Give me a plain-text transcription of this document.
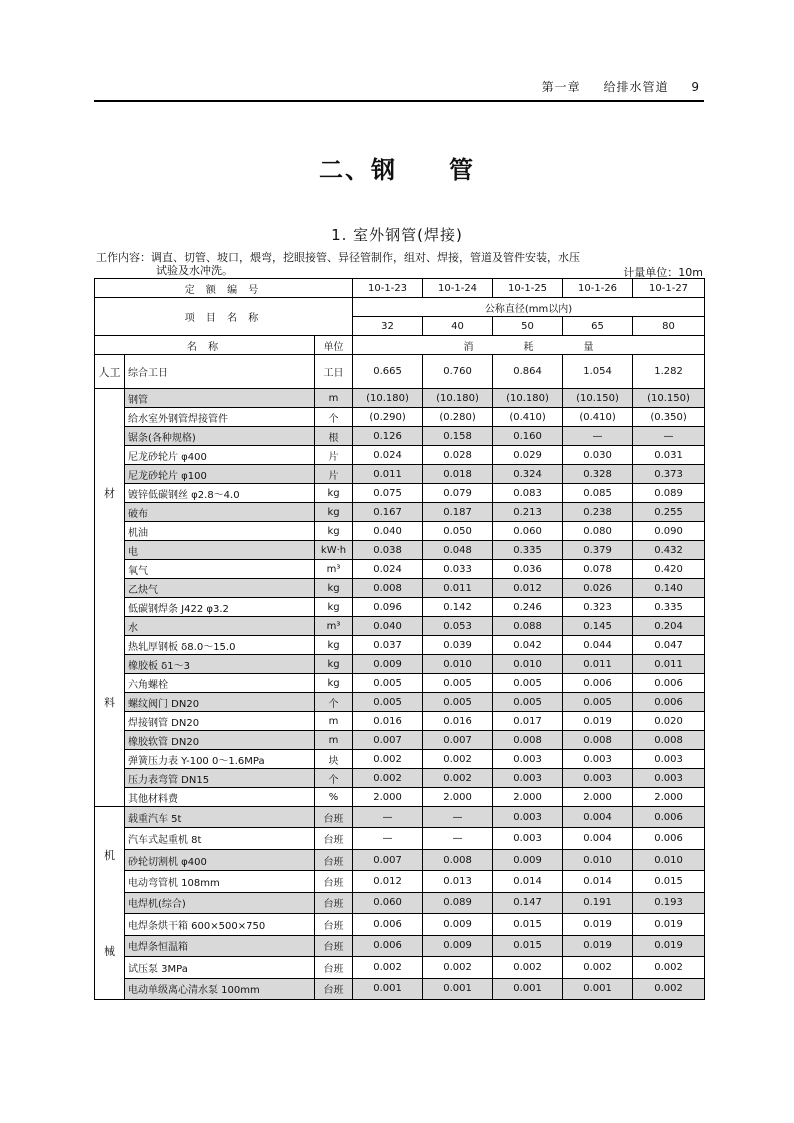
第一章 给排水管道 9
二、钢 管
1. 室外钢管(焊接)
工作内容：调直、切管、坡口，煨弯，挖眼接管、异径管制作，组对、焊接，管道及管件安装，水压
试验及水冲洗。	计量单位：10m
定 额 编 号			10-1-23	10-1-24	10-1-25	10-1-26	10-1-27
项 目 名 称			公称直径(mm以内)				
			32	40	50	65	80
名 称		单位	消 耗 量				
人工	综合工日	工日	0.665	0.760	0.864	1.054	1.282

材
料	钢管	m	(10.180)	(10.180)	(10.180)	(10.150)	(10.150)
	给水室外钢管焊接管件	个	(0.290)	(0.280)	(0.410)	(0.410)	(0.350)
	锯条(各种规格)	根	0.126	0.158	0.160	—	—
	尼龙砂轮片 φ400	片	0.024	0.028	0.029	0.030	0.031
	尼龙砂轮片 φ100	片	0.011	0.018	0.324	0.328	0.373
	镀锌低碳钢丝 φ2.8～4.0	kg	0.075	0.079	0.083	0.085	0.089
	破布	kg	0.167	0.187	0.213	0.238	0.255
	机油	kg	0.040	0.050	0.060	0.080	0.090
	电	kW·h	0.038	0.048	0.335	0.379	0.432
	氧气	m³	0.024	0.033	0.036	0.078	0.420
	乙炔气	kg	0.008	0.011	0.012	0.026	0.140
	低碳钢焊条 J422 φ3.2	kg	0.096	0.142	0.246	0.323	0.335
	水	m³	0.040	0.053	0.088	0.145	0.204
	热轧厚钢板 δ8.0～15.0	kg	0.037	0.039	0.042	0.044	0.047
	橡胶板 δ1～3	kg	0.009	0.010	0.010	0.011	0.011
	六角螺栓	kg	0.005	0.005	0.005	0.006	0.006
	螺纹阀门 DN20	个	0.005	0.005	0.005	0.005	0.006
	焊接钢管 DN20	m	0.016	0.016	0.017	0.019	0.020
	橡胶软管 DN20	m	0.007	0.007	0.008	0.008	0.008
	弹簧压力表 Y-100 0～1.6MPa	块	0.002	0.002	0.003	0.003	0.003
	压力表弯管 DN15	个	0.002	0.002	0.003	0.003	0.003
	其他材料费	%	2.000	2.000	2.000	2.000	2.000

机
械	载重汽车 5t	台班	—	—	0.003	0.004	0.006
	汽车式起重机 8t	台班	—	—	0.003	0.004	0.006
	砂轮切割机 φ400	台班	0.007	0.008	0.009	0.010	0.010
	电动弯管机 108mm	台班	0.012	0.013	0.014	0.014	0.015
	电焊机(综合)	台班	0.060	0.089	0.147	0.191	0.193
	电焊条烘干箱 600×500×750	台班	0.006	0.009	0.015	0.019	0.019
	电焊条恒温箱	台班	0.006	0.009	0.015	0.019	0.019
	试压泵 3MPa	台班	0.002	0.002	0.002	0.002	0.002
	电动单级离心清水泵 100mm	台班	0.001	0.001	0.001	0.001	0.002
